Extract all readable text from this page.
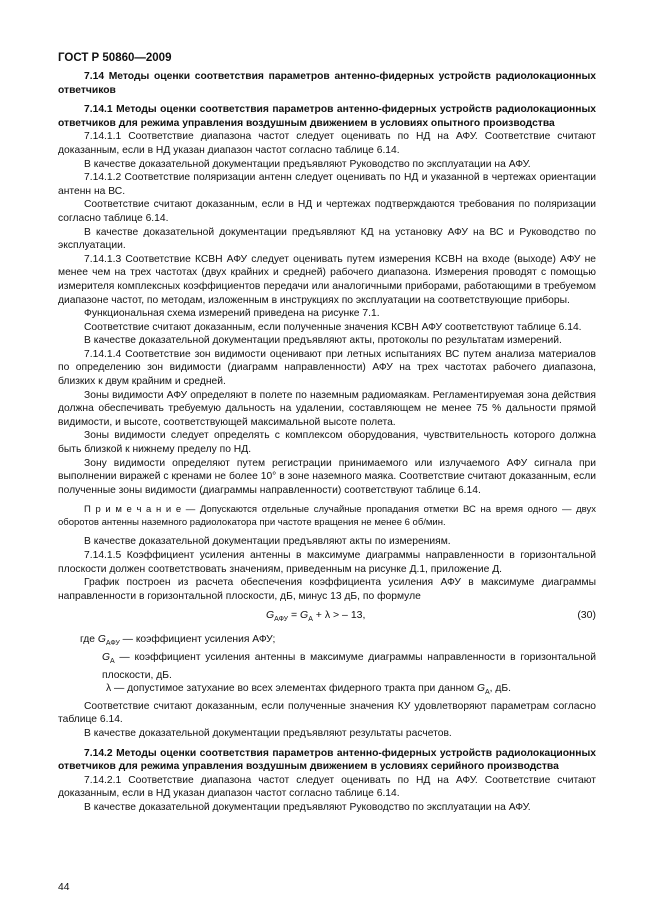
ГОСТ Р 50860—2009

7.14 Методы оценки соответствия параметров антенно-фидерных устройств радиолокационных ответчиков

7.14.1 Методы оценки соответствия параметров антенно-фидерных устройств радиолокационных ответчиков для режима управления воздушным движением в условиях опытного производства

7.14.1.1 Соответствие диапазона частот следует оценивать по НД на АФУ. Соответствие считают доказанным, если в НД указан диапазон частот согласно таблице 6.14.

В качестве доказательной документации предъявляют Руководство по эксплуатации на АФУ.

7.14.1.2 Соответствие поляризации антенн следует оценивать по НД и указанной в чертежах ориентации антенн на ВС.

Соответствие считают доказанным, если в НД и чертежах подтверждаются требования по поляризации согласно таблице 6.14.

В качестве доказательной документации предъявляют КД на установку АФУ на ВС и Руководство по эксплуатации.

7.14.1.3 Соответствие КСВН АФУ следует оценивать путем измерения КСВН на входе (выходе) АФУ не менее чем на трех частотах (двух крайних и средней) рабочего диапазона. Измерения проводят с помощью измерителя комплексных коэффициентов передачи или аналогичными приборами, работающими в требуемом диапазоне частот, по методам, изложенным в инструкциях по эксплуатации на соответствующие приборы.

Функциональная схема измерений приведена на рисунке 7.1.

Соответствие считают доказанным, если полученные значения КСВН АФУ соответствуют таблице 6.14.

В качестве доказательной документации предъявляют акты, протоколы по результатам измерений.

7.14.1.4 Соответствие зон видимости оценивают при летных испытаниях ВС путем анализа материалов по определению зон видимости (диаграмм направленности) АФУ на трех частотах рабочего диапазона, близких к двум крайним и средней.

Зоны видимости АФУ определяют в полете по наземным радиомаякам. Регламентируемая зона действия должна обеспечивать требуемую дальность на удалении, составляющем не менее 75 % дальности прямой видимости, и высоте, соответствующей максимальной высоте полета.

Зоны видимости следует определять с комплексом оборудования, чувствительность которого должна быть близкой к нижнему пределу по НД.

Зону видимости определяют путем регистрации принимаемого или излучаемого АФУ сигнала при выполнении виражей с кренами не более 10° в зоне наземного маяка. Соответствие считают доказанным, если полученные зоны видимости (диаграммы направленности) соответствуют таблице 6.14.

П р и м е ч а н и е — Допускаются отдельные случайные пропадания отметки ВС на время одного — двух оборотов антенны наземного радиолокатора при частоте вращения не менее 6 об/мин.

В качестве доказательной документации предъявляют акты по измерениям.

7.14.1.5 Коэффициент усиления антенны в максимуме диаграммы направленности в горизонтальной плоскости должен соответствовать значениям, приведенным на рисунке Д.1, приложение Д.

График построен из расчета обеспечения коэффициента усиления АФУ в максимуме диаграммы направленности в горизонтальной плоскости, дБ, минус 13 дБ, по формуле

$G_{АФУ} = G_А + \lambda$ > – 13,	(30)

где $G_{АФУ}$ — коэффициент усиления АФУ;

$G_А$ — коэффициент усиления антенны в максимуме диаграммы направленности в горизонтальной плоскости, дБ.

λ — допустимое затухание во всех элементах фидерного тракта при данном $G_А$, дБ.

Соответствие считают доказанным, если полученные значения КУ удовлетворяют параметрам согласно таблице 6.14.

В качестве доказательной документации предъявляют результаты расчетов.

7.14.2 Методы оценки соответствия параметров антенно-фидерных устройств радиолокационных ответчиков для режима управления воздушным движением в условиях серийного производства

7.14.2.1 Соответствие диапазона частот следует оценивать по НД на АФУ. Соответствие считают доказанным, если в НД указан диапазон частот согласно таблице 6.14.

В качестве доказательной документации предъявляют Руководство по эксплуатации на АФУ.

44
